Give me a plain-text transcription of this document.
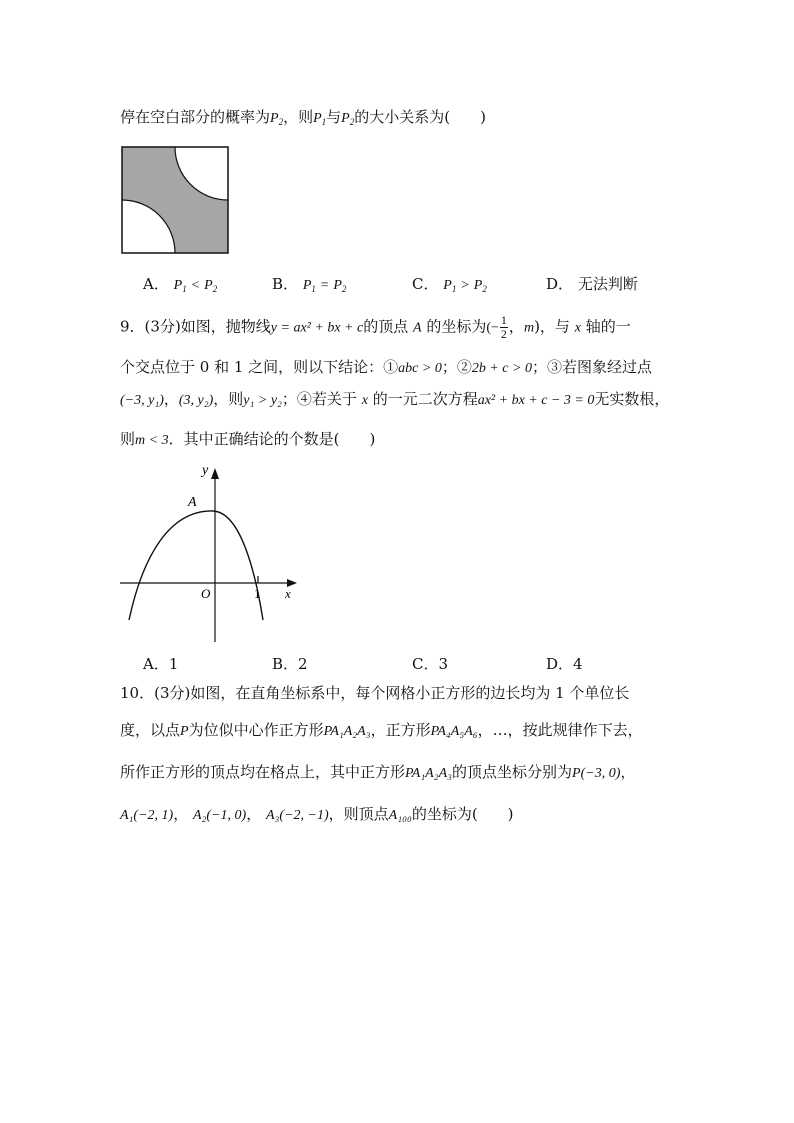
停在空白部分的概率为$P_2$，则$P_1$与$P_2$的大小关系为( )
A． $P_1 < P_2$	B． $P_1 = P_2$	C． $P_1 > P_2$	D． 无法判断
9．(3分)如图，抛物线y = ax² + bx + c的顶点 A 的坐标为(− $\frac{1}{2}$ ，m)，与 x 轴的一
个交点位于 0 和 1 之间，则以下结论：①abc > 0；②2b + c > 0；③若图象经过点
(−3, y₁)，(3, y₂)，则y₁ > y₂；④若关于 x 的一元二次方程ax² + bx + c − 3 = 0无实数根，
则m < 3．其中正确结论的个数是( )
y
A
O	1 x
A．1	B．2	C．3	D．4
10．(3分)如图，在直角坐标系中，每个网格小正方形的边长均为 1 个单位长
度，以点P为位似中心作正方形PA₁A₂A₃，正方形PA₄A₅A₆，…，按此规律作下去，
所作正方形的顶点均在格点上，其中正方形PA₁A₂A₃的顶点坐标分别为P(−3, 0)，
A₁(−2, 1)， A₂(−1, 0)， A₃(−2, −1)，则顶点A₁₀₀的坐标为( )
